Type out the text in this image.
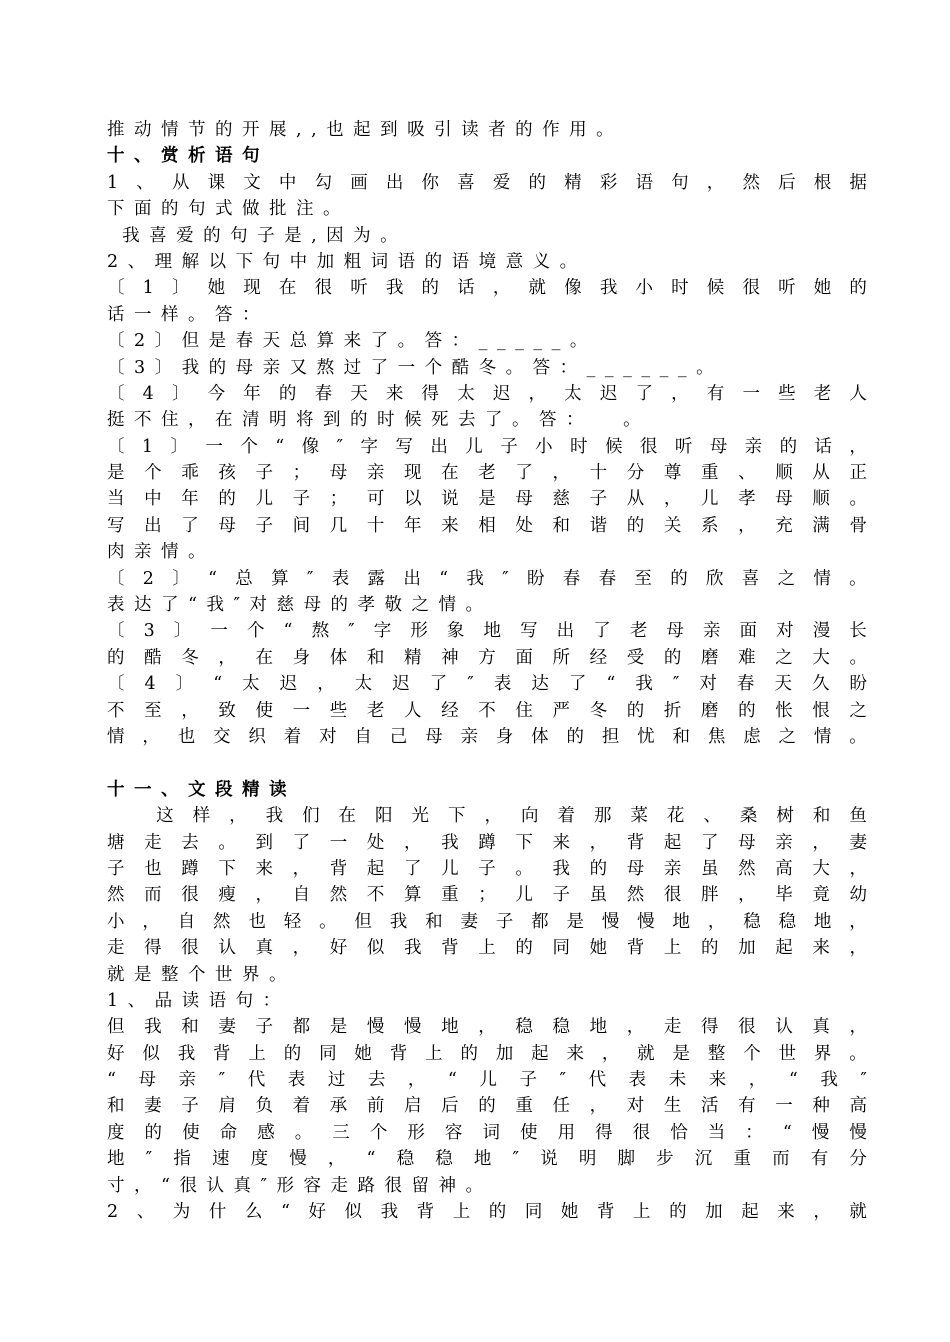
推 动 情 节 的 开 展 , , 也 起 到 吸 引 读 者 的 作 用 。
十 、 赏 析 语 句
1 、 从 课 文 中 勾 画 出 你 喜 爱 的 精 彩 语 句 ， 然 后 根 据
下 面 的 句 式 做 批 注 。

我 喜 爱 的 句 子 是 , 因 为 。
2 、 理 解 以 下 句 中 加 粗 词 语 的 语 境 意 义 。
〔 1 〕 她 现 在 很 听 我 的 话 ， 就 像 我 小 时 候 很 听 她 的
话 一 样 。 答 ：
〔 2 〕 但 是 春 天 总 算 来 了 。 答 ： _ _ _ _ _ 。
〔 3 〕 我 的 母 亲 又 熬 过 了 一 个 酷 冬 。 答 ： _ _ _ _ _ _ 。
〔 4 〕 今 年 的 春 天 来 得 太 迟 ， 太 迟 了 ， 有 一 些 老 人
挺 不 住 ， 在 清 明 将 到 的 时 候 死 去 了 。 答 ：

。
〔 1 〕 一 个 “ 像 ″ 字 写 出 儿 子 小 时 候 很 听 母 亲 的 话 ，
是 个 乖 孩 子 ； 母 亲 现 在 老 了 ， 十 分 尊 重 、 顺 从 正
当 中 年 的 儿 子 ； 可 以 说 是 母 慈 子 从 ， 儿 孝 母 顺 。
写 出 了 母 子 间 几 十 年 来 相 处 和 谐 的 关 系 ， 充 满 骨
肉 亲 情 。
〔 2 〕 “ 总 算 ″ 表 露 出 “ 我 ″ 盼 春 春 至 的 欣 喜 之 情 。
表 达 了 “ 我 ″ 对 慈 母 的 孝 敬 之 情 。
〔 3 〕 一 个 “ 熬 ″ 字 形 象 地 写 出 了 老 母 亲 面 对 漫 长
的 酷 冬 ， 在 身 体 和 精 神 方 面 所 经 受 的 磨 难 之 大 。
〔 4 〕 “ 太 迟 ， 太 迟 了 ″ 表 达 了 “ 我 ″ 对 春 天 久 盼
不 至 ， 致 使 一 些 老 人 经 不 住 严 冬 的 折 磨 的 怅 恨 之
情 ， 也 交 织 着 对 自 己 母 亲 身 体 的 担 忧 和 焦 虑 之 情 。
十 一 、 文 段 精 读

这 样 ， 我 们 在 阳 光 下 ， 向 着 那 菜 花 、 桑 树 和 鱼
塘 走 去 。 到 了 一 处 ， 我 蹲 下 来 ， 背 起 了 母 亲 ， 妻
子 也 蹲 下 来 ， 背 起 了 儿 子 。 我 的 母 亲 虽 然 高 大 ，
然 而 很 瘦 ， 自 然 不 算 重 ； 儿 子 虽 然 很 胖 ， 毕 竟 幼
小 ， 自 然 也 轻 。 但 我 和 妻 子 都 是 慢 慢 地 ， 稳 稳 地 ，
走 得 很 认 真 ， 好 似 我 背 上 的 同 她 背 上 的 加 起 来 ，
就 是 整 个 世 界 。
1 、 品 读 语 句 ：
但 我 和 妻 子 都 是 慢 慢 地 ， 稳 稳 地 ， 走 得 很 认 真 ，
好 似 我 背 上 的 同 她 背 上 的 加 起 来 ， 就 是 整 个 世 界 。
“ 母 亲 ″ 代 表 过 去 ， “ 儿 子 ″ 代 表 未 来 ， “ 我 ″
和 妻 子 肩 负 着 承 前 启 后 的 重 任 ， 对 生 活 有 一 种 高
度 的 使 命 感 。 三 个 形 容 词 使 用 得 很 恰 当 ： “ 慢 慢
地 ″ 指 速 度 慢 ， “ 稳 稳 地 ″ 说 明 脚 步 沉 重 而 有 分
寸 ， “ 很 认 真 ″ 形 容 走 路 很 留 神 。
2 、 为 什 么 “ 好 似 我 背 上 的 同 她 背 上 的 加 起 来 ， 就
